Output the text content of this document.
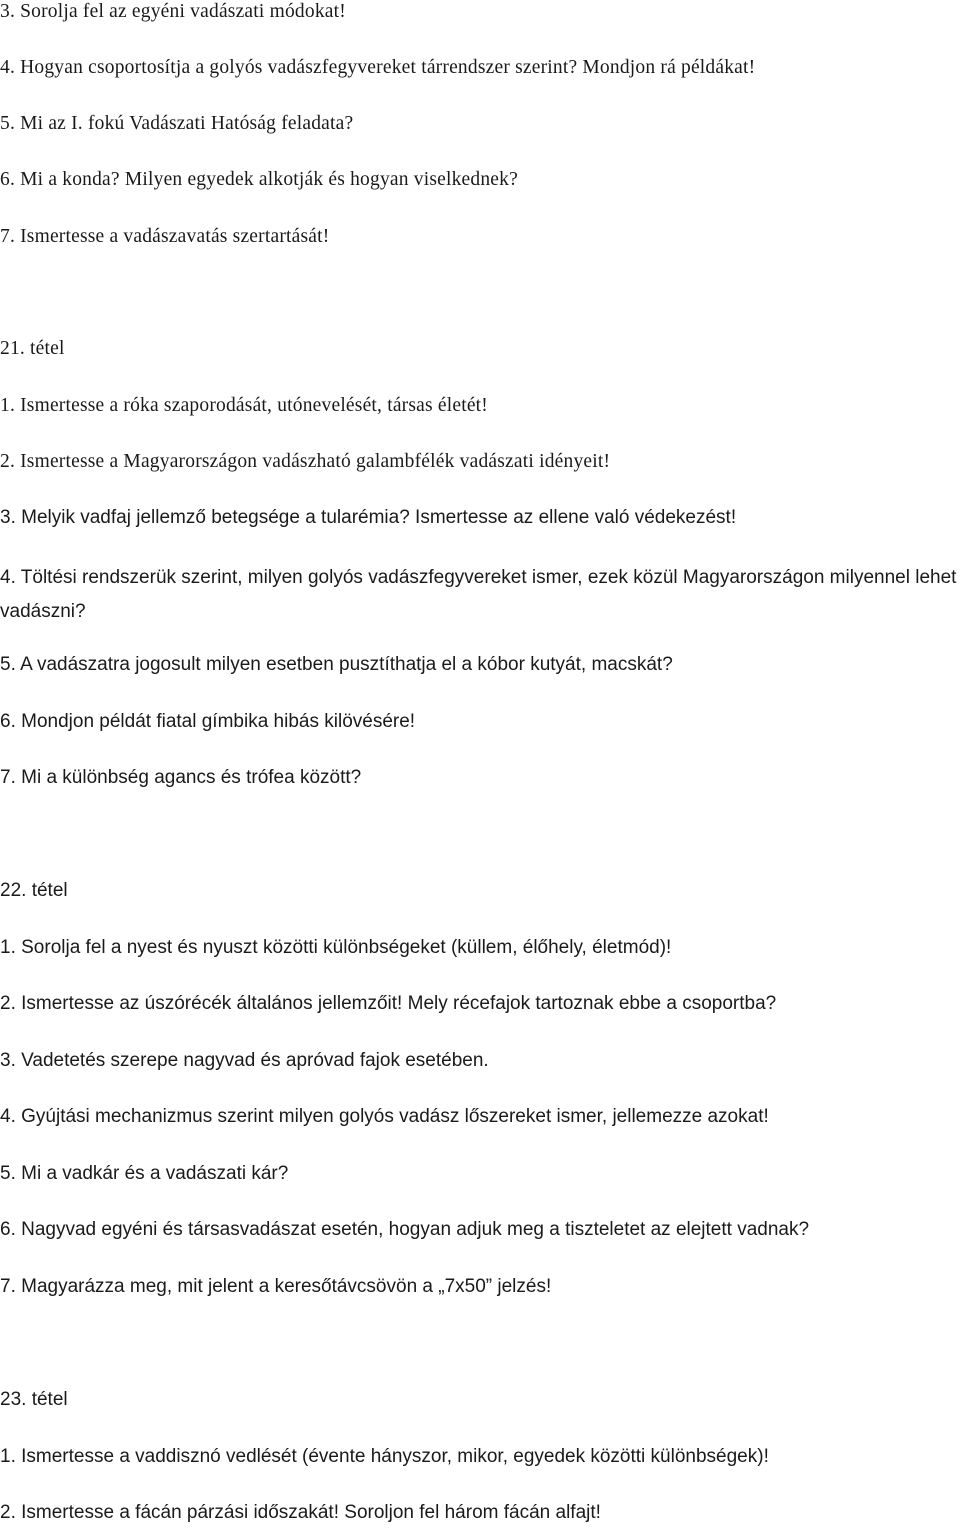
3. Sorolja fel az egyéni vadászati módokat!

4. Hogyan csoportosítja a golyós vadászfegyvereket tárrendszer szerint? Mondjon rá példákat!

5. Mi az I. fokú Vadászati Hatóság feladata?

6. Mi a konda? Milyen egyedek alkotják és hogyan viselkednek?

7. Ismertesse a vadászavatás szertartását!

21. tétel

1. Ismertesse a róka szaporodását, utónevelését, társas életét!

2. Ismertesse a Magyarországon vadászható galambfélék vadászati idényeit!

3. Melyik vadfaj jellemző betegsége a tularémia? Ismertesse az ellene való védekezést!

4. Töltési rendszerük szerint, milyen golyós vadászfegyvereket ismer, ezek közül Magyarországon milyennel lehet vadászni?

5. A vadászatra jogosult milyen esetben pusztíthatja el a kóbor kutyát, macskát?

6. Mondjon példát fiatal gímbika hibás kilövésére!

7. Mi a különbség agancs és trófea között?

22. tétel

1. Sorolja fel a nyest és nyuszt közötti különbségeket (küllem, élőhely, életmód)!

2. Ismertesse az úszórécék általános jellemzőit! Mely récefajok tartoznak ebbe a csoportba?

3. Vadetetés szerepe nagyvad és apróvad fajok esetében.

4. Gyújtási mechanizmus szerint milyen golyós vadász lőszereket ismer, jellemezze azokat!

5. Mi a vadkár és a vadászati kár?

6. Nagyvad egyéni és társasvadászat esetén, hogyan adjuk meg a tiszteletet az elejtett vadnak?

7. Magyarázza meg, mit jelent a keresőtávcsövön a „7x50” jelzés!

23. tétel

1. Ismertesse a vaddisznó vedlését (évente hányszor, mikor, egyedek közötti különbségek)!

2. Ismertesse a fácán párzási időszakát! Soroljon fel három fácán alfajt!
